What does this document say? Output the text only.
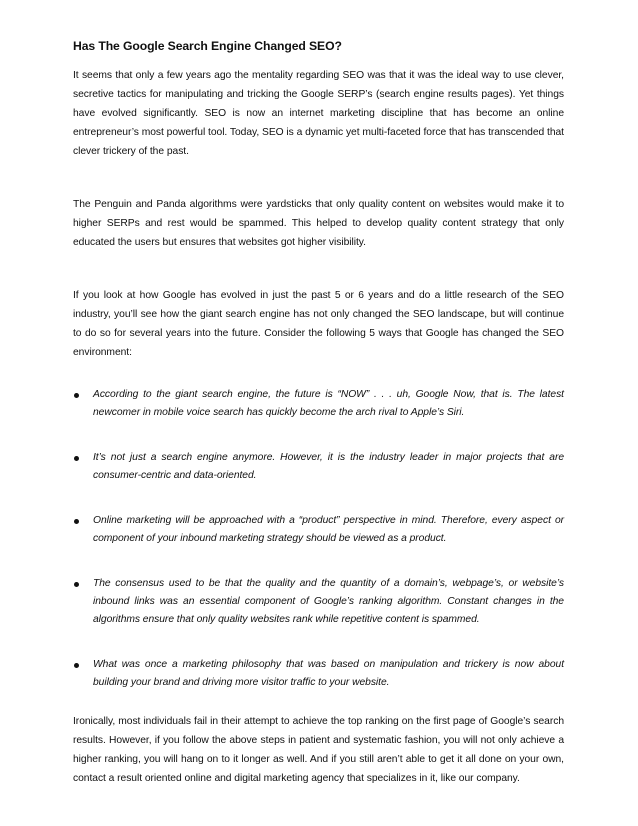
Has The Google Search Engine Changed SEO?

It seems that only a few years ago the mentality regarding SEO was that it was the ideal way to use clever, secretive tactics for manipulating and tricking the Google SERP’s (search engine results pages). Yet things have evolved significantly. SEO is now an internet marketing discipline that has become an online entrepreneur’s most powerful tool. Today, SEO is a dynamic yet multi-faceted force that has transcended that clever trickery of the past.

The Penguin and Panda algorithms were yardsticks that only quality content on websites would make it to higher SERPs and rest would be spammed. This helped to develop quality content strategy that only educated the users but ensures that websites got higher visibility.

If you look at how Google has evolved in just the past 5 or 6 years and do a little research of the SEO industry, you’ll see how the giant search engine has not only changed the SEO landscape, but will continue to do so for several years into the future. Consider the following 5 ways that Google has changed the SEO environment:

According to the giant search engine, the future is “NOW” . . . uh, Google Now, that is. The latest newcomer in mobile voice search has quickly become the arch rival to Apple’s Siri.
It’s not just a search engine anymore. However, it is the industry leader in major projects that are consumer-centric and data-oriented.
Online marketing will be approached with a “product” perspective in mind. Therefore, every aspect or component of your inbound marketing strategy should be viewed as a product.
The consensus used to be that the quality and the quantity of a domain’s, webpage’s, or website’s inbound links was an essential component of Google’s ranking algorithm. Constant changes in the algorithms ensure that only quality websites rank while repetitive content is spammed.
What was once a marketing philosophy that was based on manipulation and trickery is now about building your brand and driving more visitor traffic to your website.

Ironically, most individuals fail in their attempt to achieve the top ranking on the first page of Google’s search results. However, if you follow the above steps in patient and systematic fashion, you will not only achieve a higher ranking, you will hang on to it longer as well. And if you still aren’t able to get it all done on your own, contact a result oriented online and digital marketing agency that specializes in it, like our company.
